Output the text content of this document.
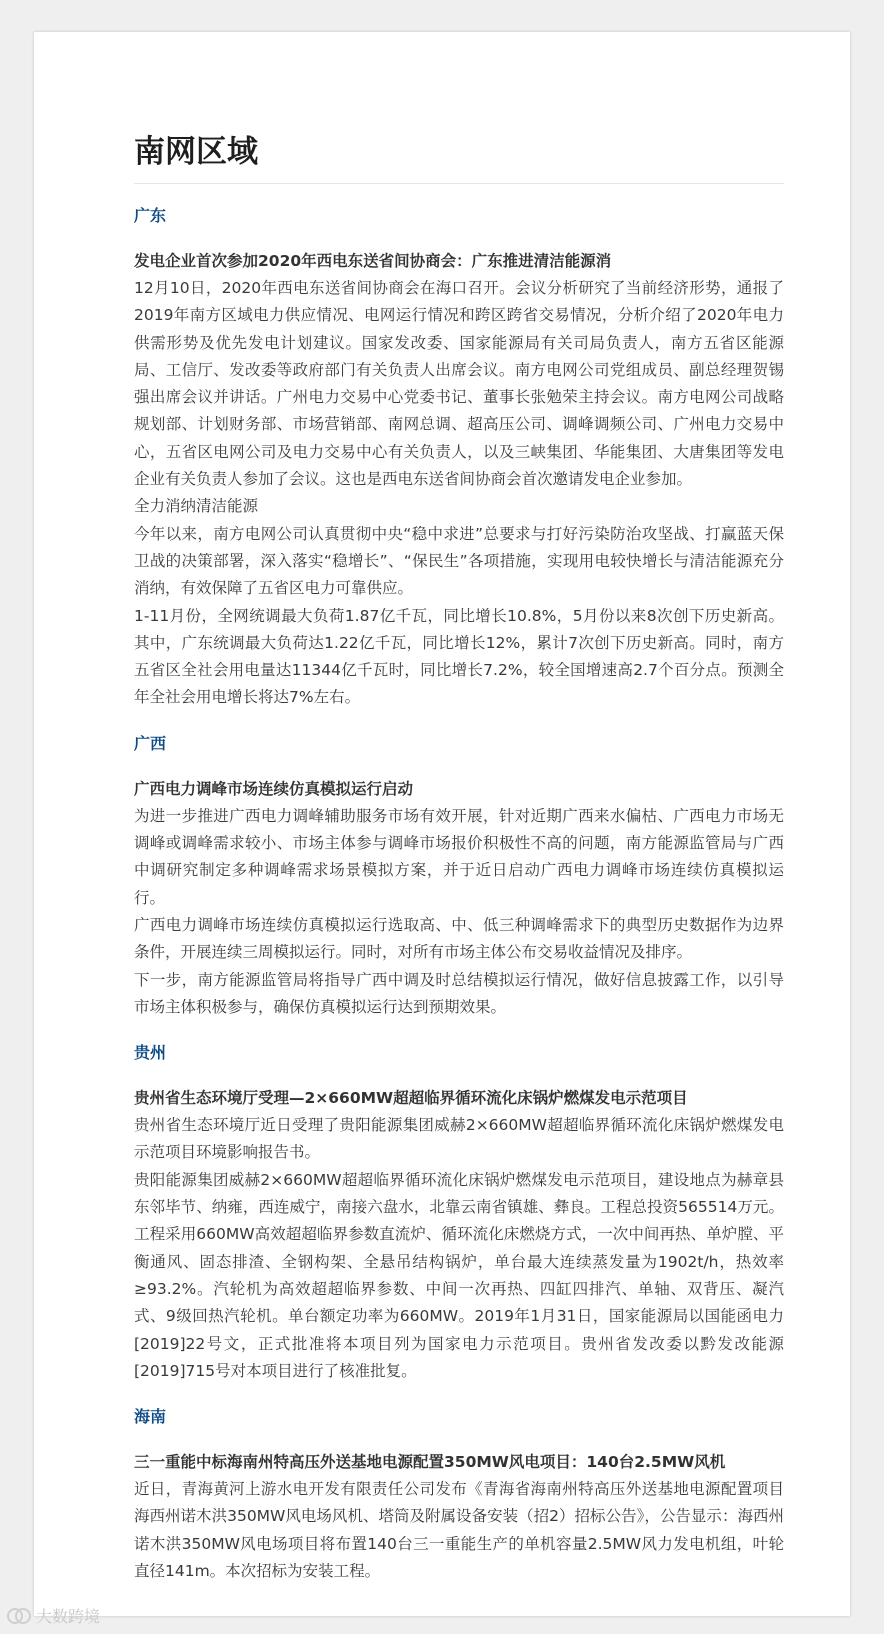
南网区域
广东
发电企业首次参加2020年西电东送省间协商会：广东推进清洁能源消

12月10日，2020年西电东送省间协商会在海口召开。会议分析研究了当前经济形势，通报了2019年南方区域电力供应情况、电网运行情况和跨区跨省交易情况，分析介绍了2020年电力供需形势及优先发电计划建议。国家发改委、国家能源局有关司局负责人，南方五省区能源局、工信厅、发改委等政府部门有关负责人出席会议。南方电网公司党组成员、副总经理贺锡强出席会议并讲话。广州电力交易中心党委书记、董事长张勉荣主持会议。南方电网公司战略规划部、计划财务部、市场营销部、南网总调、超高压公司、调峰调频公司、广州电力交易中心，五省区电网公司及电力交易中心有关负责人，以及三峡集团、华能集团、大唐集团等发电企业有关负责人参加了会议。这也是西电东送省间协商会首次邀请发电企业参加。

全力消纳清洁能源

今年以来，南方电网公司认真贯彻中央“稳中求进”总要求与打好污染防治攻坚战、打赢蓝天保卫战的决策部署，深入落实“稳增长”、“保民生”各项措施，实现用电较快增长与清洁能源充分消纳，有效保障了五省区电力可靠供应。

1-11月份，全网统调最大负荷1.87亿千瓦，同比增长10.8%，5月份以来8次创下历史新高。其中，广东统调最大负荷达1.22亿千瓦，同比增长12%，累计7次创下历史新高。同时，南方五省区全社会用电量达11344亿千瓦时，同比增长7.2%，较全国增速高2.7个百分点。预测全年全社会用电增长将达7%左右。

广西
广西电力调峰市场连续仿真模拟运行启动

为进一步推进广西电力调峰辅助服务市场有效开展，针对近期广西来水偏枯、广西电力市场无调峰或调峰需求较小、市场主体参与调峰市场报价积极性不高的问题，南方能源监管局与广西中调研究制定多种调峰需求场景模拟方案，并于近日启动广西电力调峰市场连续仿真模拟运行。

广西电力调峰市场连续仿真模拟运行选取高、中、低三种调峰需求下的典型历史数据作为边界条件，开展连续三周模拟运行。同时，对所有市场主体公布交易收益情况及排序。

下一步，南方能源监管局将指导广西中调及时总结模拟运行情况，做好信息披露工作，以引导市场主体积极参与，确保仿真模拟运行达到预期效果。

贵州
贵州省生态环境厅受理—2×660MW超超临界循环流化床锅炉燃煤发电示范项目

贵州省生态环境厅近日受理了贵阳能源集团威赫2×660MW超超临界循环流化床锅炉燃煤发电示范项目环境影响报告书。

贵阳能源集团威赫2×660MW超超临界循环流化床锅炉燃煤发电示范项目，建设地点为赫章县东邻毕节、纳雍，西连威宁，南接六盘水，北靠云南省镇雄、彝良。工程总投资565514万元。工程采用660MW高效超超临界参数直流炉、循环流化床燃烧方式，一次中间再热、单炉膛、平衡通风、固态排渣、全钢构架、全悬吊结构锅炉，单台最大连续蒸发量为1902t/h，热效率≥93.2%。汽轮机为高效超超临界参数、中间一次再热、四缸四排汽、单轴、双背压、凝汽式、9级回热汽轮机。单台额定功率为660MW。2019年1月31日，国家能源局以国能函电力[2019]22号文，正式批准将本项目列为国家电力示范项目。贵州省发改委以黔发改能源[2019]715号对本项目进行了核准批复。

海南
三一重能中标海南州特高压外送基地电源配置350MW风电项目：140台2.5MW风机

近日，青海黄河上游水电开发有限责任公司发布《青海省海南州特高压外送基地电源配置项目海西州诺木洪350MW风电场风机、塔筒及附属设备安装（招2）招标公告》，公告显示：海西州诺木洪350MW风电场项目将布置140台三一重能生产的单机容量2.5MW风力发电机组，叶轮直径141m。本次招标为安装工程。

大数跨境
